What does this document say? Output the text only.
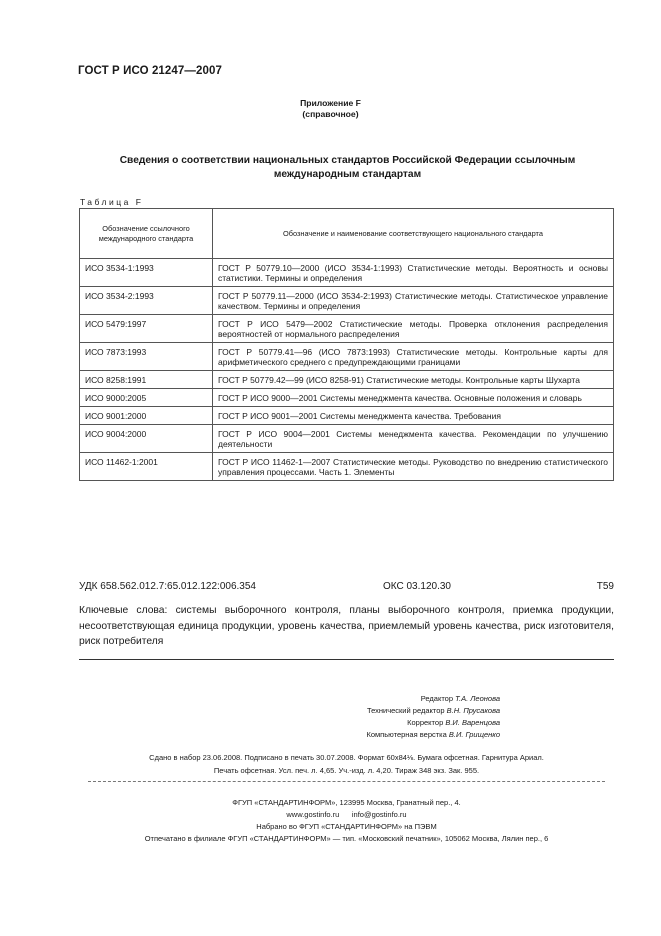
ГОСТ Р ИСО 21247—2007
Приложение F
(справочное)
Сведения о соответствии национальных стандартов Российской Федерации ссылочным международным стандартам
Таблица F
Обозначение ссылочного международного стандарта	Обозначение и наименование соответствующего национального стандарта
ИСО 3534-1:1993	ГОСТ Р 50779.10—2000 (ИСО 3534-1:1993) Статистические методы. Вероятность и основы статистики. Термины и определения
ИСО 3534-2:1993	ГОСТ Р 50779.11—2000 (ИСО 3534-2:1993) Статистические методы. Статистическое управление качеством. Термины и определения
ИСО 5479:1997	ГОСТ Р ИСО 5479—2002 Статистические методы. Проверка отклонения распределения вероятностей от нормального распределения
ИСО 7873:1993	ГОСТ Р 50779.41—96 (ИСО 7873:1993) Статистические методы. Контрольные карты для арифметического среднего с предупреждающими границами
ИСО 8258:1991	ГОСТ Р 50779.42—99 (ИСО 8258-91) Статистические методы. Контрольные карты Шухарта
ИСО 9000:2005	ГОСТ Р ИСО 9000—2001 Системы менеджмента качества. Основные положения и словарь
ИСО 9001:2000	ГОСТ Р ИСО 9001—2001 Системы менеджмента качества. Требования
ИСО 9004:2000	ГОСТ Р ИСО 9004—2001 Системы менеджмента качества. Рекомендации по улучшению деятельности
ИСО 11462-1:2001	ГОСТ Р ИСО 11462-1—2007 Статистические методы. Руководство по внедрению статистического управления процессами. Часть 1. Элементы
УДК 658.562.012.7:65.012.122:006.354	ОКС 03.120.30	Т59
Ключевые слова: системы выборочного контроля, планы выборочного контроля, приемка продукции, несоответствующая единица продукции, уровень качества, приемлемый уровень качества, риск изготовителя, риск потребителя
Редактор Т.А. Леонова
Технический редактор В.Н. Прусакова
Корректор В.И. Варенцова
Компьютерная верстка В.И. Грищенко
Сдано в набор 23.06.2008. Подписано в печать 30.07.2008. Формат 60x84⅛. Бумага офсетная. Гарнитура Ариал.
Печать офсетная. Усл. печ. л. 4,65. Уч.-изд. л. 4,20. Тираж 348 экз. Зак. 955.
ФГУП «СТАНДАРТИНФОРМ», 123995 Москва, Гранатный пер., 4.
www.gostinfo.ru info@gostinfo.ru
Набрано во ФГУП «СТАНДАРТИНФОРМ» на ПЭВМ
Отпечатано в филиале ФГУП «СТАНДАРТИНФОРМ» — тип. «Московский печатник», 105062 Москва, Лялин пер., 6
